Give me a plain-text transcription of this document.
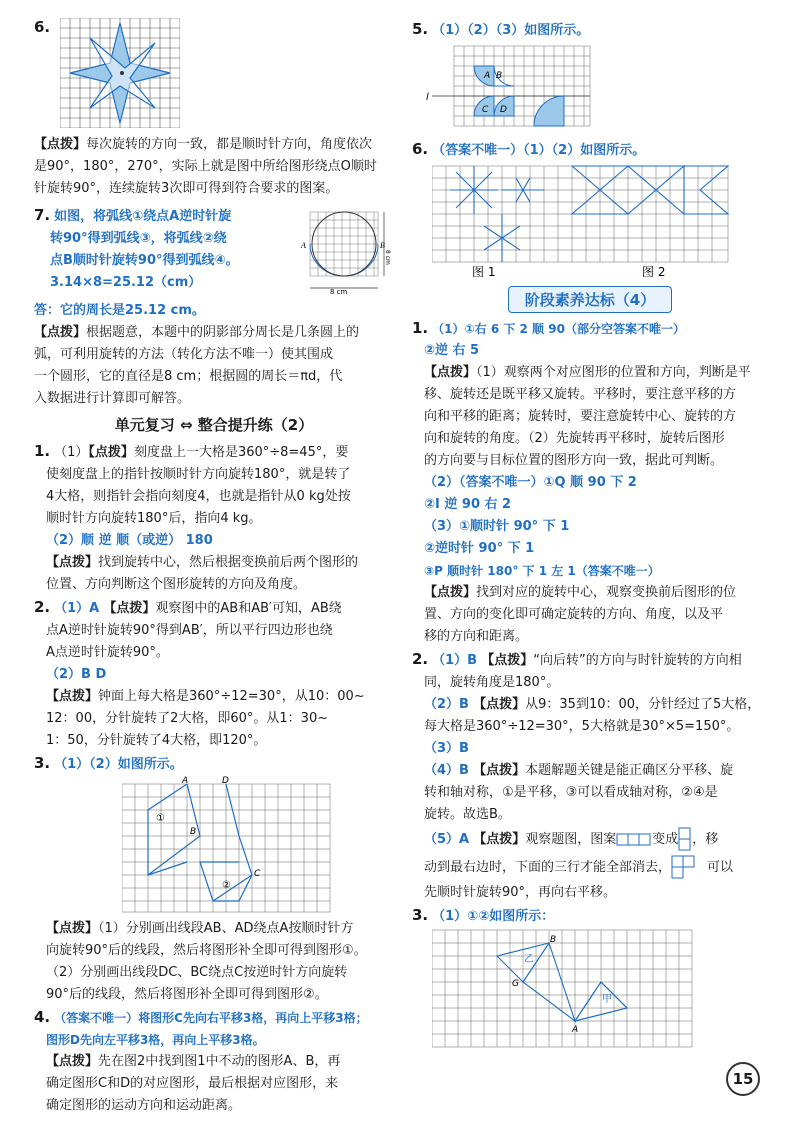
6.

【点拨】每次旋转的方向一致，都是顺时针方向，角度依次

是90°，180°，270°，实际上就是图中所给图形绕点O顺时

针旋转90°，连续旋转3次即可得到符合要求的图案。

7. 如图，将弧线①绕点A逆时针旋

转90°得到弧线③，将弧线②绕

点B顺时针旋转90°得到弧线④。

3.14×8=25.12（cm）

A	B
8 cm
8 cm

答：它的周长是25.12 cm。

【点拨】根据题意，本题中的阴影部分周长是几条圆上的

弧，可利用旋转的方法（转化方法不唯一）使其围成

一个圆形，它的直径是8 cm；根据圆的周长＝πd，代

入数据进行计算即可解答。

单元复习 ⇔ 整合提升练（2）

1. （1）【点拨】刻度盘上一大格是360°÷8=45°，要

使刻度盘上的指针按顺时针方向旋转180°，就是转了

4大格，则指针会指向刻度4，也就是指针从0 kg处按

顺时针方向旋转180°后，指向4 kg。

（2）顺 逆 顺（或逆） 180

【点拨】找到旋转中心，然后根据变换前后两个图形的

位置、方向判断这个图形旋转的方向及角度。

2. （1）A 【点拨】观察图中的AB和AB′可知，AB绕

点A逆时针旋转90°得到AB′，所以平行四边形也绕

A点逆时针旋转90°。

（2）B D

【点拨】钟面上每大格是360°÷12=30°，从10：00~

12：00，分针旋转了2大格，即60°。从1：30~

1：50，分针旋转了4大格，即120°。

3. （1）（2）如图所示。

A	D
B
C
①
②

【点拨】（1）分别画出线段AB、AD绕点A按顺时针方

向旋转90°后的线段，然后将图形补全即可得到图形①。

（2）分别画出线段DC、BC绕点C按逆时针方向旋转

90°后的线段，然后将图形补全即可得到图形②。

4. （答案不唯一）将图形C先向右平移3格，再向上平移3格；

图形D先向左平移3格，再向上平移3格。

【点拨】先在图2中找到图1中不动的图形A、B，再

确定图形C和D的对应图形，最后根据对应图形，来

确定图形的运动方向和运动距离。

5. （1）（2）（3）如图所示。

l
A B
C D

6. （答案不唯一）（1）（2）如图所示。

图 1	图 2
阶段素养达标（4）

1. （1）①右 6 下 2 顺 90（部分空答案不唯一）

②逆 右 5

【点拨】（1）观察两个对应图形的位置和方向，判断是平

移、旋转还是既平移又旋转。平移时，要注意平移的方

向和平移的距离；旋转时，要注意旋转中心、旋转的方

向和旋转的角度。（2）先旋转再平移时，旋转后图形

的方向要与目标位置的图形方向一致，据此可判断。

（2）（答案不唯一）①Q 顺 90 下 2

②I 逆 90 右 2

（3）①顺时针 90° 下 1

②逆时针 90° 下 1

③P 顺时针 180° 下 1 左 1（答案不唯一）

【点拨】找到对应的旋转中心，观察变换前后图形的位

置、方向的变化即可确定旋转的方向、角度，以及平

移的方向和距离。

2. （1）B 【点拨】“向后转”的方向与时针旋转的方向相

同，旋转角度是180°。

（2）B 【点拨】从9：35到10：00，分针经过了5大格，

每大格是360°÷12=30°，5大格就是30°×5=150°。

（3）B

（4）B 【点拨】本题解题关键是能正确区分平移、旋

转和轴对称，①是平移，③可以看成轴对称，②④是

旋转。故选B。

（5）A 【点拨】观察题图，图案	变成 ，移

动到最右边时，下面的三行才能全部消去，	可以

先顺时针旋转90°，再向右平移。

3. （1）①②如图所示：

B
G
A
乙
甲
15
